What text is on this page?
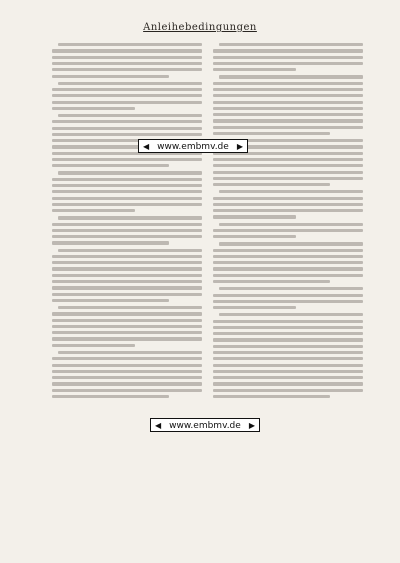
Anleihebedingungen
◀ www.embmv.de ▶
◀ www.embmv.de ▶
